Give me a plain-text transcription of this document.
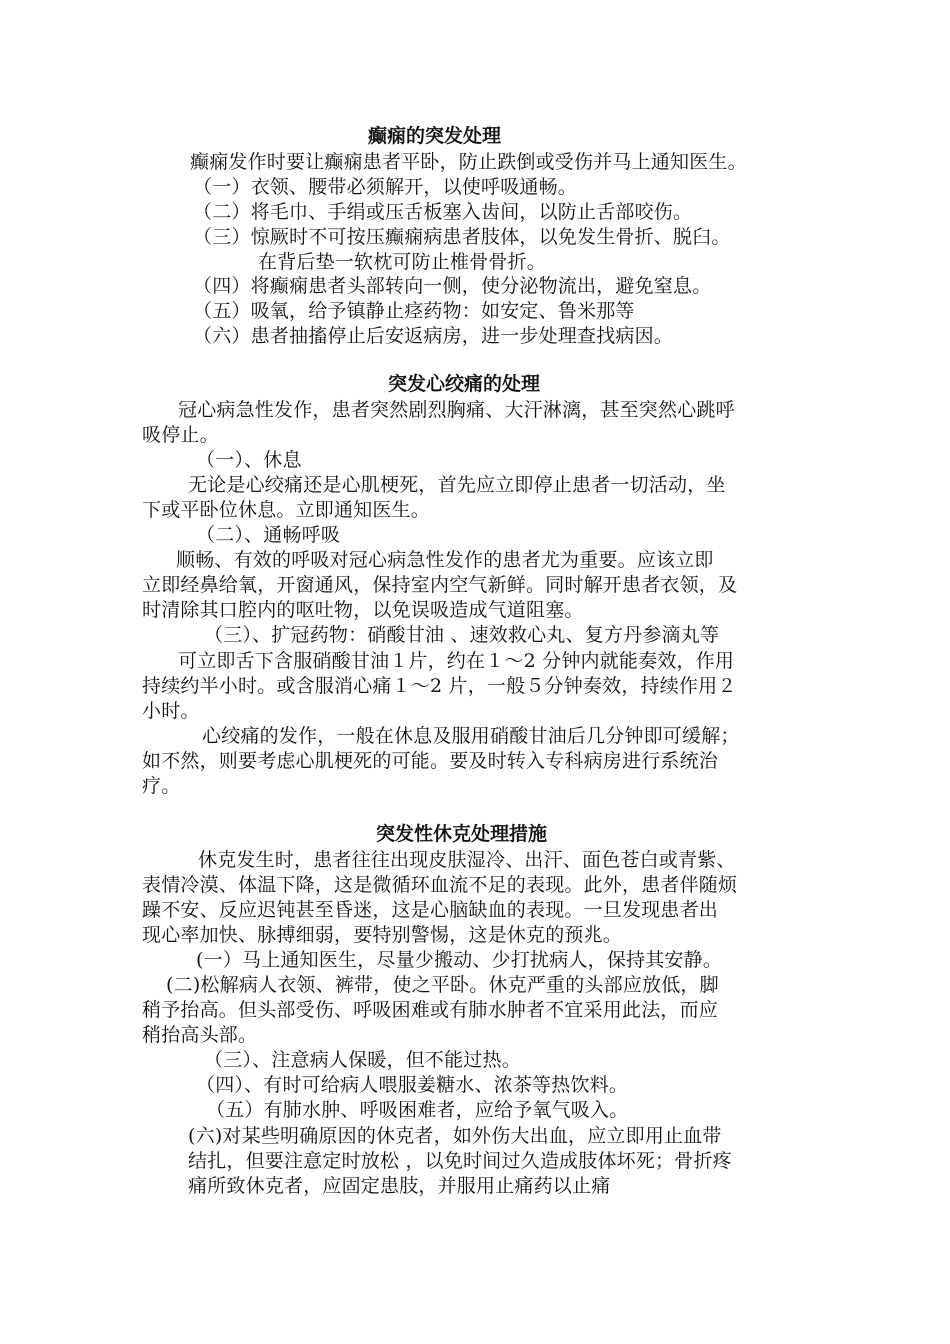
癫痫的突发处理
癫痫发作时要让癫痫患者平卧，防止跌倒或受伤并马上通知医生。
（一）衣领、腰带必须解开，以使呼吸通畅。
（二）将毛巾、手绢或压舌板塞入齿间，以防止舌部咬伤。
（三）惊厥时不可按压癫痫病患者肢体，以免发生骨折、脱臼。
在背后垫一软枕可防止椎骨骨折。
（四）将癫痫患者头部转向一侧，使分泌物流出，避免窒息。
（五）吸氧，给予镇静止痉药物：如安定、鲁米那等
（六）患者抽搐停止后安返病房，进一步处理查找病因。
突发心绞痛的处理
冠心病急性发作，患者突然剧烈胸痛、大汗淋漓，甚至突然心跳呼
吸停止。
（一）、休息
无论是心绞痛还是心肌梗死，首先应立即停止患者一切活动，坐
下或平卧位休息。立即通知医生。
（二）、通畅呼吸
顺畅、有效的呼吸对冠心病急性发作的患者尤为重要。应该立即
立即经鼻给氧，开窗通风，保持室内空气新鲜。同时解开患者衣领，及
时清除其口腔内的呕吐物，以免误吸造成气道阻塞。
（三）、扩冠药物：硝酸甘油 、速效救心丸、复方丹参滴丸等
可立即舌下含服硝酸甘油１片，约在１～2 分钟内就能奏效，作用
持续约半小时。或含服消心痛１～2 片，一般５分钟奏效，持续作用２
小时。
心绞痛的发作，一般在休息及服用硝酸甘油后几分钟即可缓解；
如不然，则要考虑心肌梗死的可能。要及时转入专科病房进行系统治
疗。
突发性休克处理措施
休克发生时，患者往往出现皮肤湿冷、出汗、面色苍白或青紫、
表情冷漠、体温下降，这是微循环血流不足的表现。此外，患者伴随烦
躁不安、反应迟钝甚至昏迷，这是心脑缺血的表现。一旦发现患者出
现心率加快、脉搏细弱，要特别警惕，这是休克的预兆。
(一）马上通知医生，尽量少搬动、少打扰病人，保持其安静。
(二)松解病人衣领、裤带，使之平卧。休克严重的头部应放低，脚
稍予抬高。但头部受伤、呼吸困难或有肺水肿者不宜采用此法，而应
稍抬高头部。
（三）、注意病人保暖，但不能过热。
（四）、有时可给病人喂服姜糖水、浓茶等热饮料。
（五）有肺水肿、呼吸困难者，应给予氧气吸入。
(六)对某些明确原因的休克者，如外伤大出血，应立即用止血带
结扎，但要注意定时放松 ，以免时间过久造成肢体坏死；骨折疼
痛所致休克者，应固定患肢，并服用止痛药以止痛
